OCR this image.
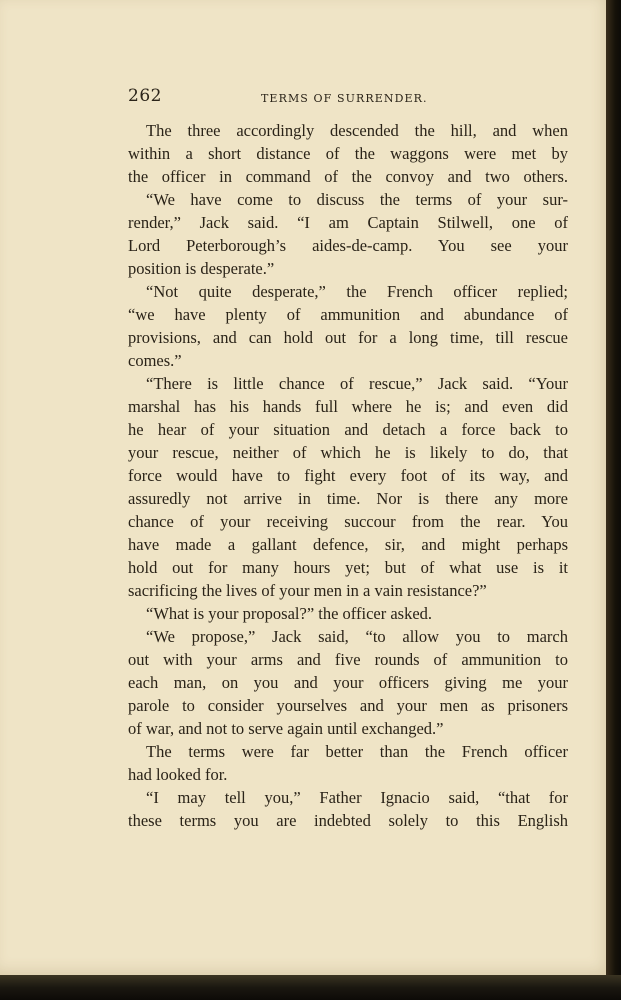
262	TERMS OF SURRENDER.
The three accordingly descended the hill, and when
within a short distance of the waggons were met by
the officer in command of the convoy and two others.
“We have come to discuss the terms of your sur-
render,” Jack said. “I am Captain Stilwell, one of
Lord Peterborough’s aides-de-camp. You see your
position is desperate.”
“Not quite desperate,” the French officer replied;
“we have plenty of ammunition and abundance of
provisions, and can hold out for a long time, till rescue
comes.”
“There is little chance of rescue,” Jack said. “Your
marshal has his hands full where he is; and even did
he hear of your situation and detach a force back to
your rescue, neither of which he is likely to do, that
force would have to fight every foot of its way, and
assuredly not arrive in time. Nor is there any more
chance of your receiving succour from the rear. You
have made a gallant defence, sir, and might perhaps
hold out for many hours yet; but of what use is it
sacrificing the lives of your men in a vain resistance?”
“What is your proposal?” the officer asked.
“We propose,” Jack said, “to allow you to march
out with your arms and five rounds of ammunition to
each man, on you and your officers giving me your
parole to consider yourselves and your men as prisoners
of war, and not to serve again until exchanged.”
The terms were far better than the French officer
had looked for.
“I may tell you,” Father Ignacio said, “that for
these terms you are indebted solely to this English
